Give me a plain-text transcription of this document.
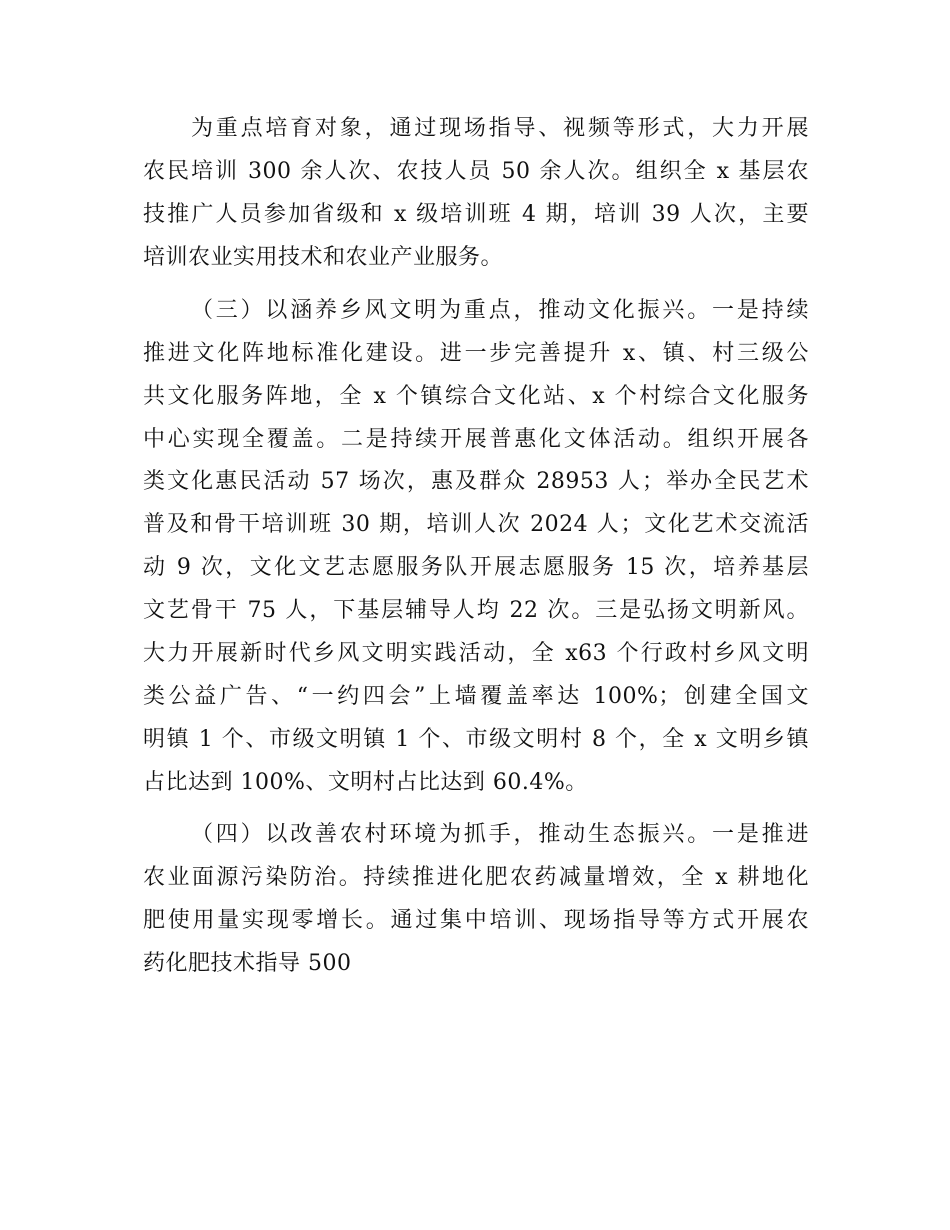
为重点培育对象，通过现场指导、视频等形式，大力开展
农民培训 300 余人次、农技人员 50 余人次。组织全 x 基层农
技推广人员参加省级和 x 级培训班 4 期，培训 39 人次，主要
培训农业实用技术和农业产业服务。
（三）以涵养乡风文明为重点，推动文化振兴。一是持续
推进文化阵地标准化建设。进一步完善提升 x、镇、村三级公
共文化服务阵地，全 x 个镇综合文化站、x 个村综合文化服务
中心实现全覆盖。二是持续开展普惠化文体活动。组织开展各
类文化惠民活动 57 场次，惠及群众 28953 人；举办全民艺术
普及和骨干培训班 30 期，培训人次 2024 人；文化艺术交流活
动 9 次，文化文艺志愿服务队开展志愿服务 15 次，培养基层
文艺骨干 75 人，下基层辅导人均 22 次。三是弘扬文明新风。
大力开展新时代乡风文明实践活动，全 x63 个行政村乡风文明
类公益广告、“一约四会”上墙覆盖率达 100%；创建全国文
明镇 1 个、市级文明镇 1 个、市级文明村 8 个，全 x 文明乡镇
占比达到 100%、文明村占比达到 60.4%。
（四）以改善农村环境为抓手，推动生态振兴。一是推进
农业面源污染防治。持续推进化肥农药减量增效，全 x 耕地化
肥使用量实现零增长。通过集中培训、现场指导等方式开展农
药化肥技术指导 500
